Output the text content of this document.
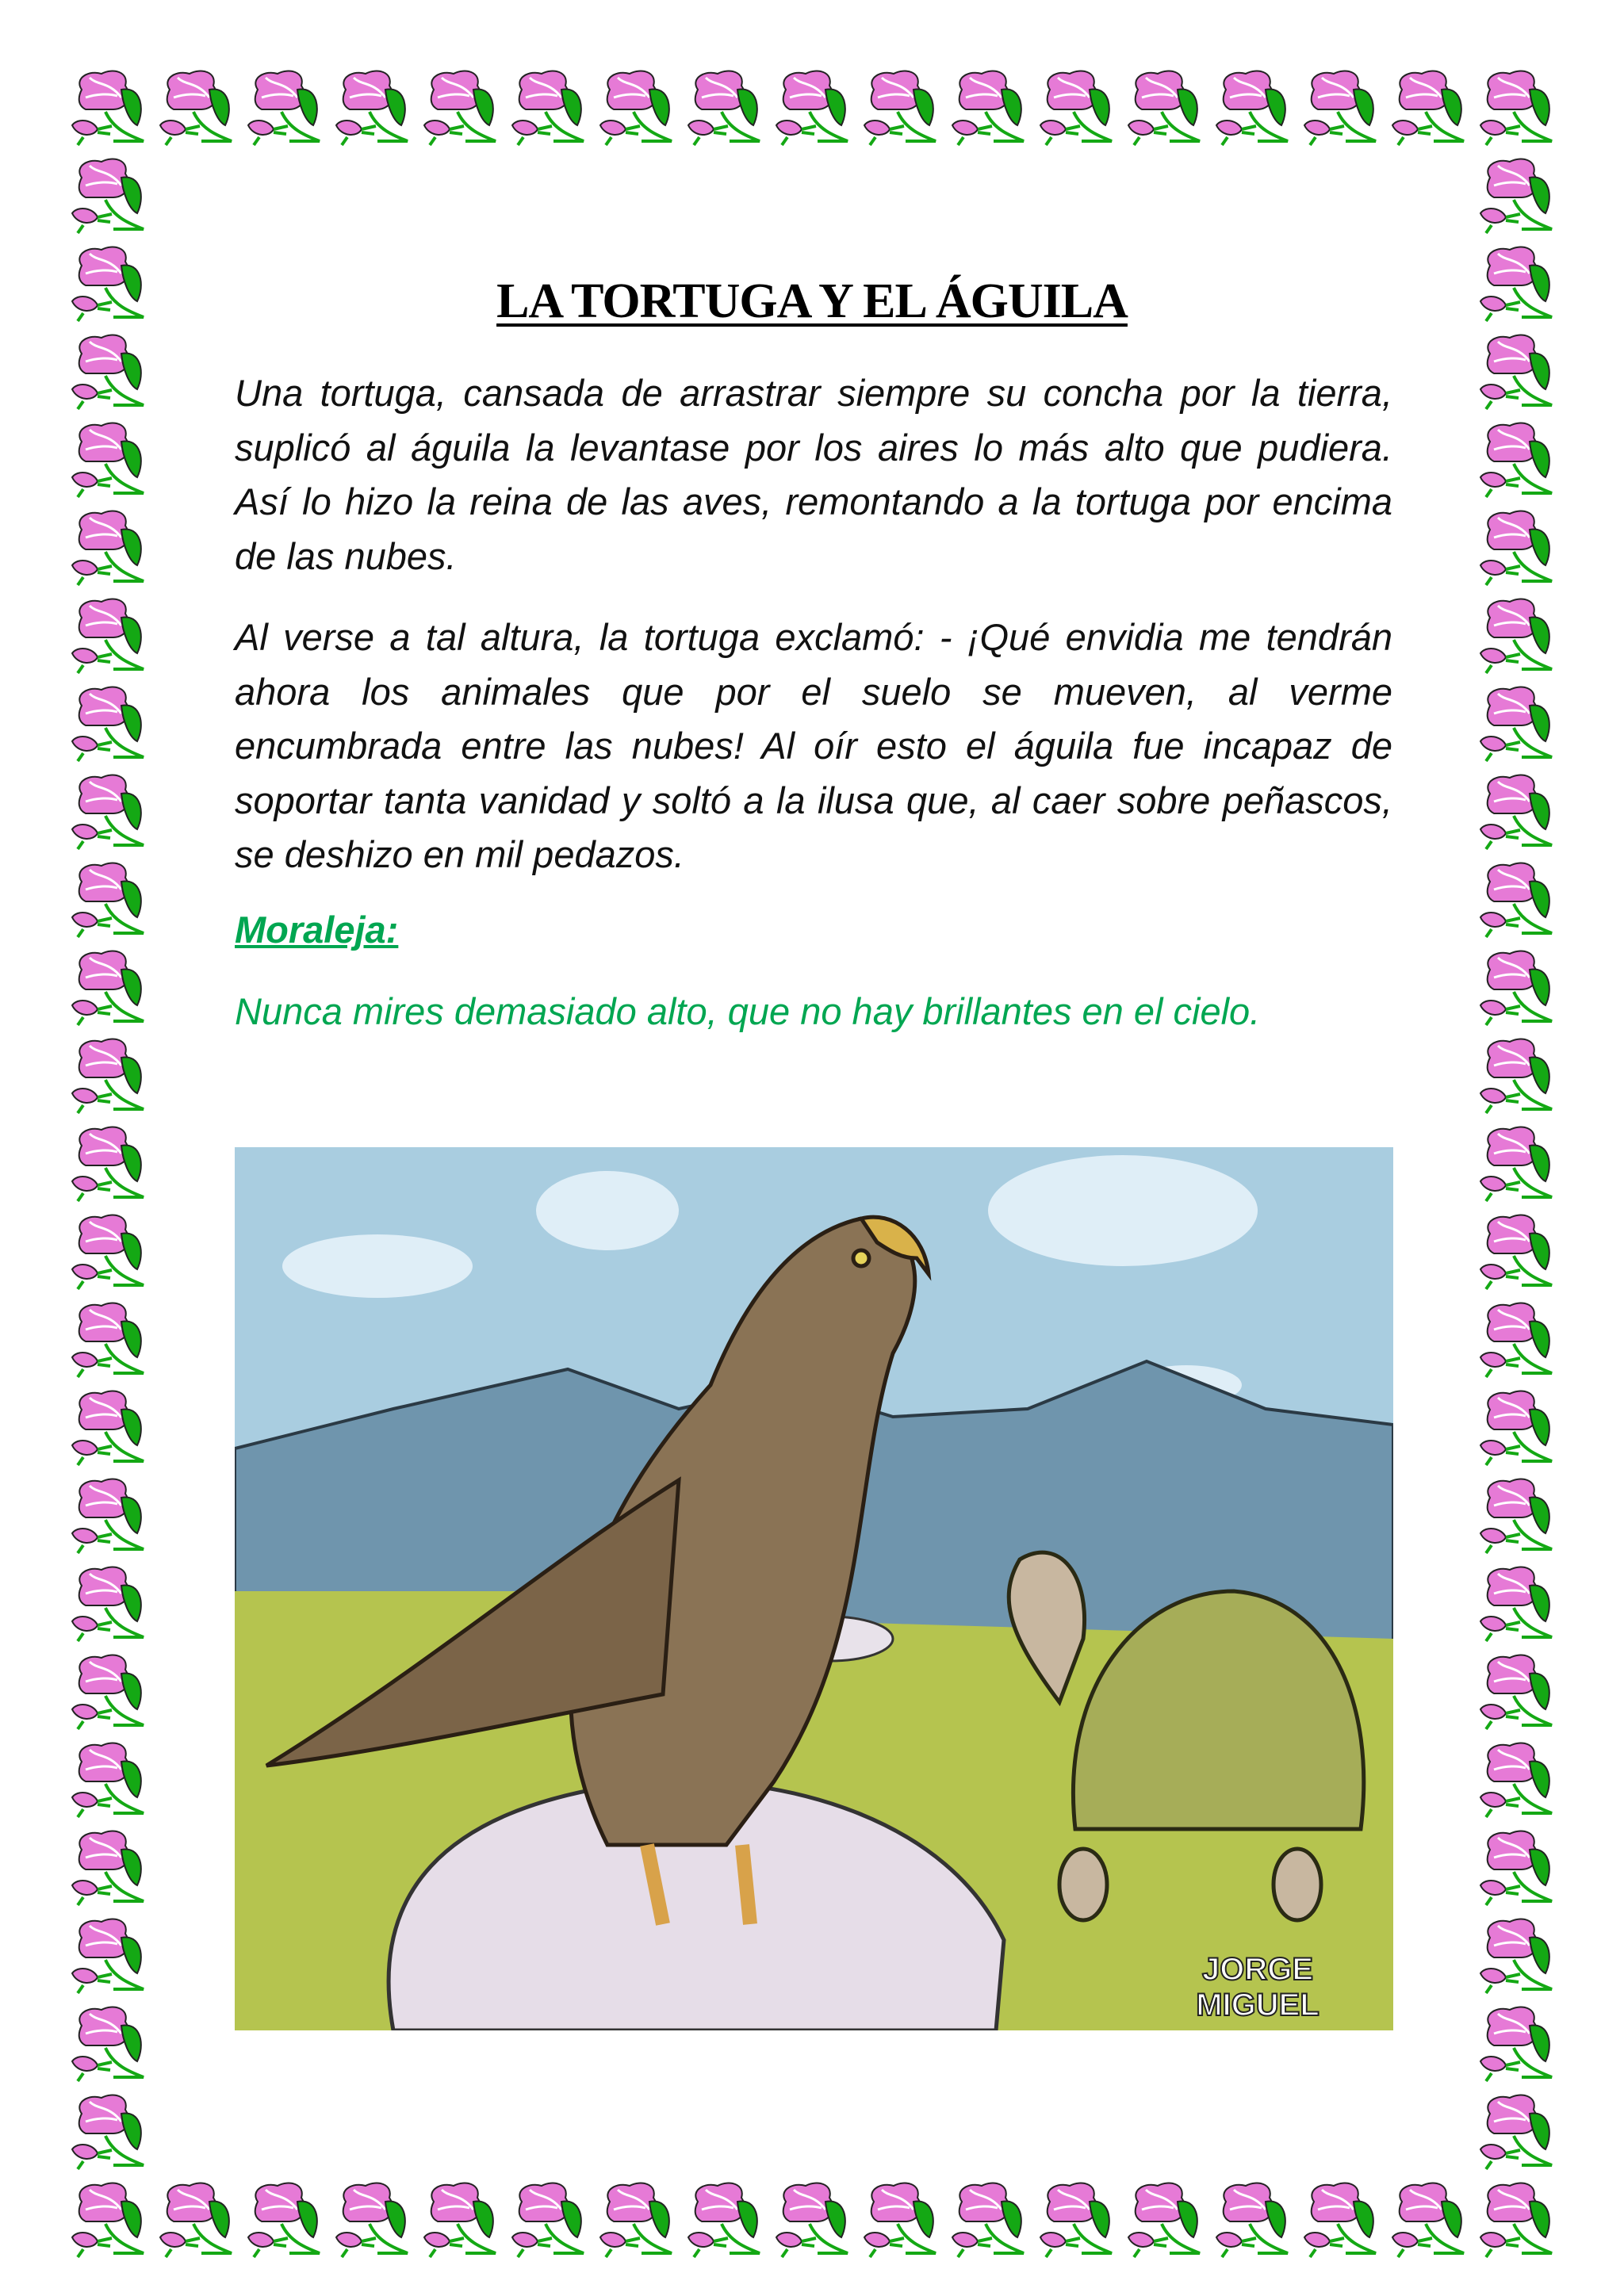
LA TORTUGA Y EL ÁGUILA

Una tortuga, cansada de arrastrar siempre su concha por la tierra, suplicó al águila la levantase por los aires lo más alto que pudiera. Así lo hizo la reina de las aves, remontando a la tortuga por encima de las nubes.

Al verse a tal altura, la tortuga exclamó: - ¡Qué envidia me tendrán ahora los animales que por el suelo se mueven, al verme encumbrada entre las nubes! Al oír esto el águila fue incapaz de soportar tanta vanidad y soltó a la ilusa que, al caer sobre peñascos, se deshizo en mil pedazos.

Moraleja:

Nunca mires demasiado alto, que no hay brillantes en el cielo.

JORGE
MIGUEL
